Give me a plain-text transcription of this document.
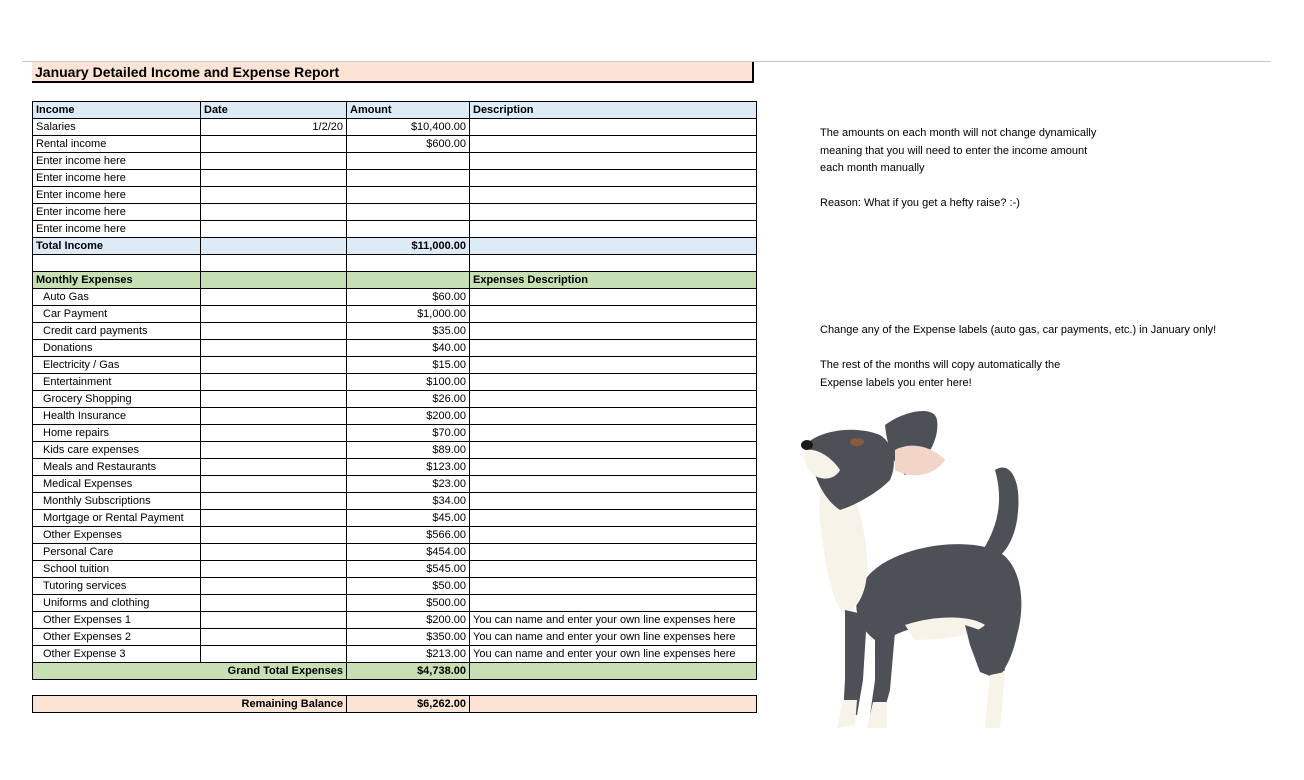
January Detailed Income and Expense Report
Income	Date	Amount	Description
Salaries	1/2/20	$10,400.00	
Rental income		$600.00	
Enter income here			
Enter income here			
Enter income here			
Enter income here			
Enter income here			
Total Income		$11,000.00	

Monthly Expenses			Expenses Description
Auto Gas		$60.00	
Car Payment		$1,000.00	
Credit card payments		$35.00	
Donations		$40.00	
Electricity / Gas		$15.00	
Entertainment		$100.00	
Grocery Shopping		$26.00	
Health Insurance		$200.00	
Home repairs		$70.00	
Kids care expenses		$89.00	
Meals and Restaurants		$123.00	
Medical Expenses		$23.00	
Monthly Subscriptions		$34.00	
Mortgage or Rental Payment		$45.00	
Other Expenses		$566.00	
Personal Care		$454.00	
School tuition		$545.00	
Tutoring services		$50.00	
Uniforms and clothing		$500.00	
Other Expenses 1		$200.00	You can name and enter your own line expenses here
Other Expenses 2		$350.00	You can name and enter your own line expenses here
Other Expense 3		$213.00	You can name and enter your own line expenses here
Grand Total Expenses		$4,738.00	

Remaining Balance		$6,262.00	

The amounts on each month will not change dynamically

meaning that you will need to enter the income amount

each month manually

Reason: What if you get a hefty raise? :-)

Change any of the Expense labels (auto gas, car payments, etc.) in January only!

The rest of the months will copy automatically the

Expense labels you enter here!
